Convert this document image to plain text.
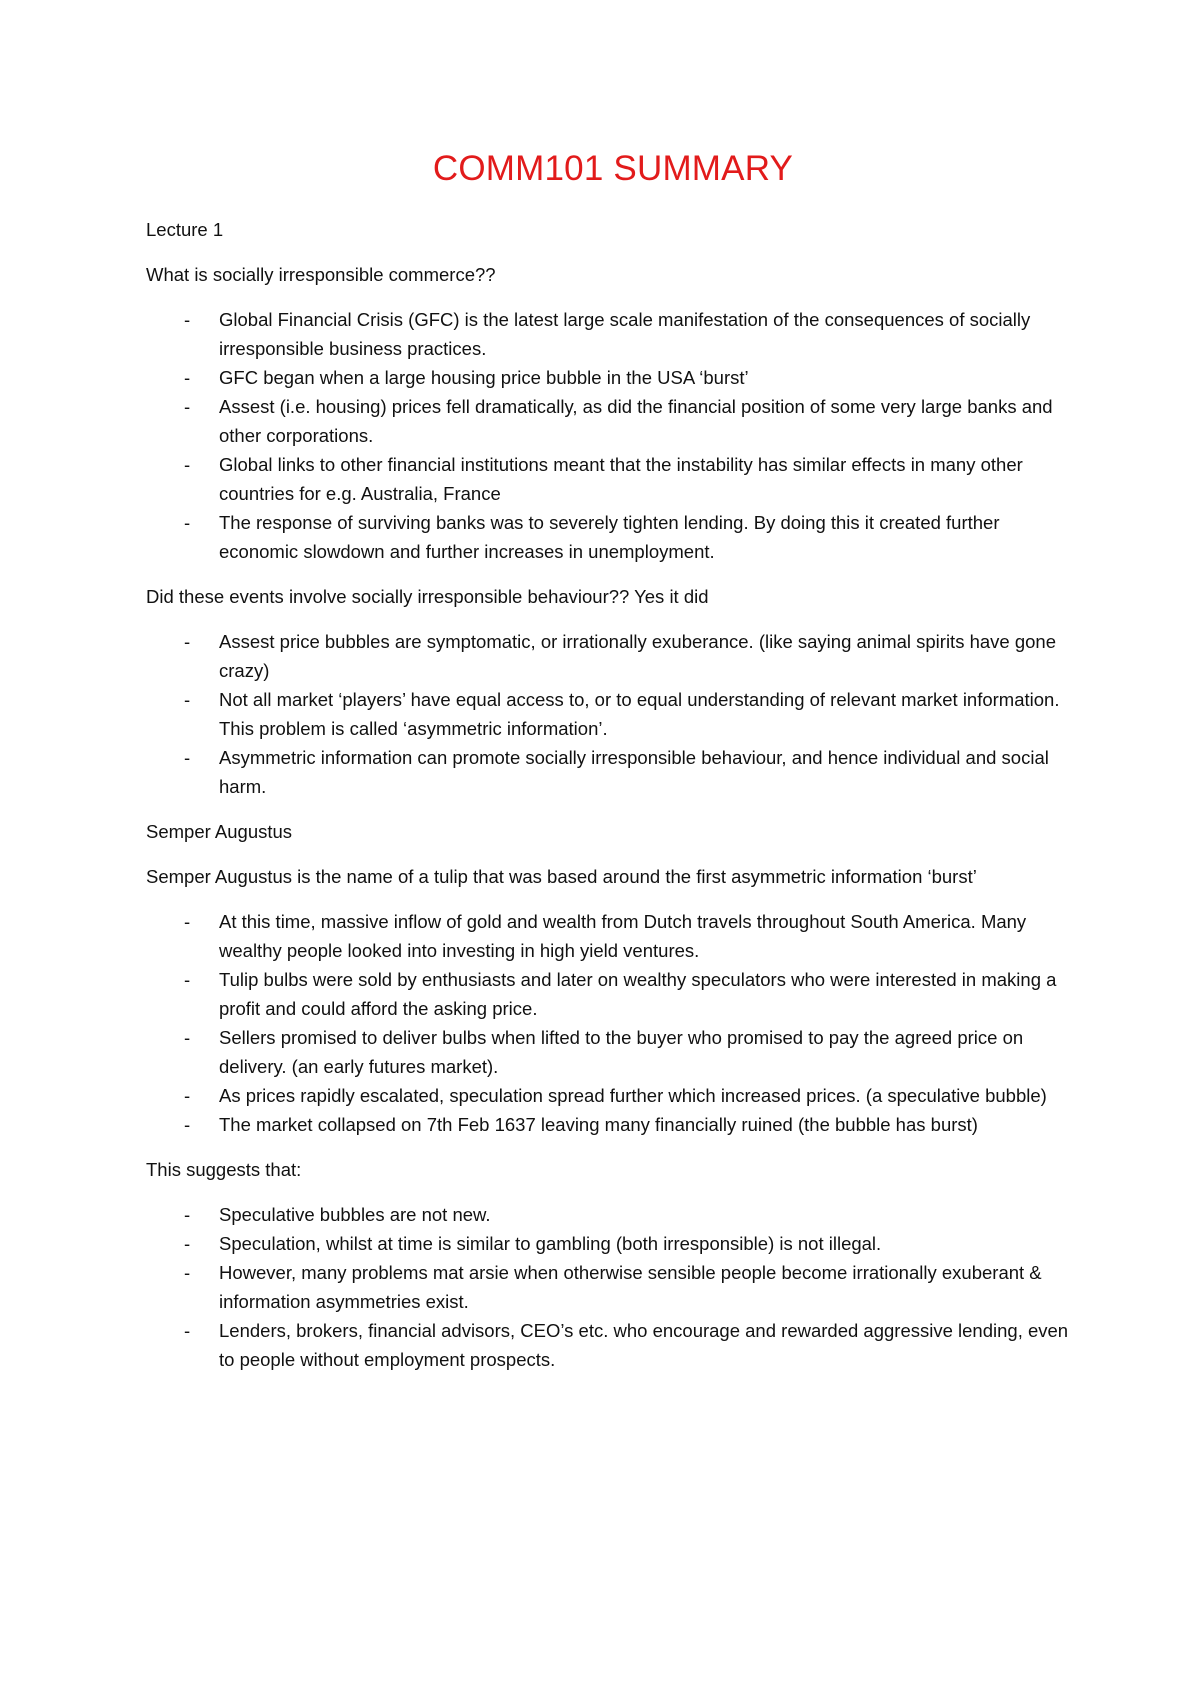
COMM101 SUMMARY

Lecture 1

What is socially irresponsible commerce??

- Global Financial Crisis (GFC) is the latest large scale manifestation of the consequences of socially irresponsible business practices.
- GFC began when a large housing price bubble in the USA ‘burst’
- Assest (i.e. housing) prices fell dramatically, as did the financial position of some very large banks and other corporations.
- Global links to other financial institutions meant that the instability has similar effects in many other countries for e.g. Australia, France
- The response of surviving banks was to severely tighten lending. By doing this it created further economic slowdown and further increases in unemployment.

Did these events involve socially irresponsible behaviour?? Yes it did

- Assest price bubbles are symptomatic, or irrationally exuberance. (like saying animal spirits have gone crazy)
- Not all market ‘players’ have equal access to, or to equal understanding of relevant market information. This problem is called ‘asymmetric information’.
- Asymmetric information can promote socially irresponsible behaviour, and hence individual and social harm.

Semper Augustus

Semper Augustus is the name of a tulip that was based around the first asymmetric information ‘burst’

- At this time, massive inflow of gold and wealth from Dutch travels throughout South America. Many wealthy people looked into investing in high yield ventures.
- Tulip bulbs were sold by enthusiasts and later on wealthy speculators who were interested in making a profit and could afford the asking price.
- Sellers promised to deliver bulbs when lifted to the buyer who promised to pay the agreed price on delivery. (an early futures market).
- As prices rapidly escalated, speculation spread further which increased prices. (a speculative bubble)
- The market collapsed on 7th Feb 1637 leaving many financially ruined (the bubble has burst)

This suggests that:

- Speculative bubbles are not new.
- Speculation, whilst at time is similar to gambling (both irresponsible) is not illegal.
- However, many problems mat arsie when otherwise sensible people become irrationally exuberant & information asymmetries exist.
- Lenders, brokers, financial advisors, CEO’s etc. who encourage and rewarded aggressive lending, even to people without employment prospects.
